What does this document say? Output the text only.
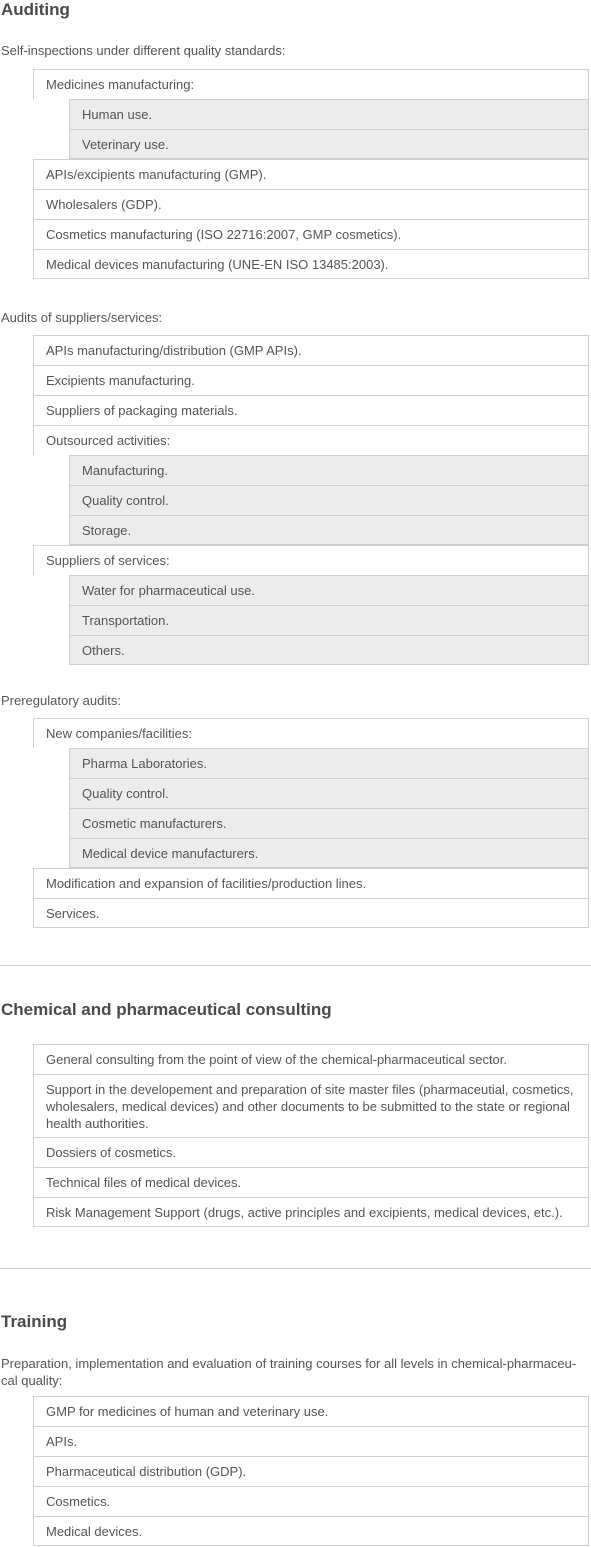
Auditing

Self-inspections under different quality standards:

Medicines manufacturing:
Human use.
Veterinary use.
APIs/excipients manufacturing (GMP).
Wholesalers (GDP).
Cosmetics manufacturing (ISO 22716:2007, GMP cosmetics).
Medical devices manufacturing (UNE-EN ISO 13485:2003).

Audits of suppliers/services:

APIs manufacturing/distribution (GMP APIs).
Excipients manufacturing.
Suppliers of packaging materials.
Outsourced activities:
Manufacturing.
Quality control.
Storage.
Suppliers of services:
Water for pharmaceutical use.
Transportation.
Others.

Preregulatory audits:

New companies/facilities:
Pharma Laboratories.
Quality control.
Cosmetic manufacturers.
Medical device manufacturers.
Modification and expansion of facilities/production lines.
Services.
Chemical and pharmaceutical consulting
General consulting from the point of view of the chemical-pharmaceutical sector.
Support in the developement and preparation of site master files (pharmaceutial, cosmetics, wholesalers, medical devices) and other documents to be submitted to the state or regional health authorities.
Dossiers of cosmetics.
Technical files of medical devices.
Risk Management Support (drugs, active principles and excipients, medical devices, etc.).
Training

Preparation, implementation and evaluation of training courses for all levels in chemical-pharmaceu-cal quality:

GMP for medicines of human and veterinary use.
APIs.
Pharmaceutical distribution (GDP).
Cosmetics.
Medical devices.
